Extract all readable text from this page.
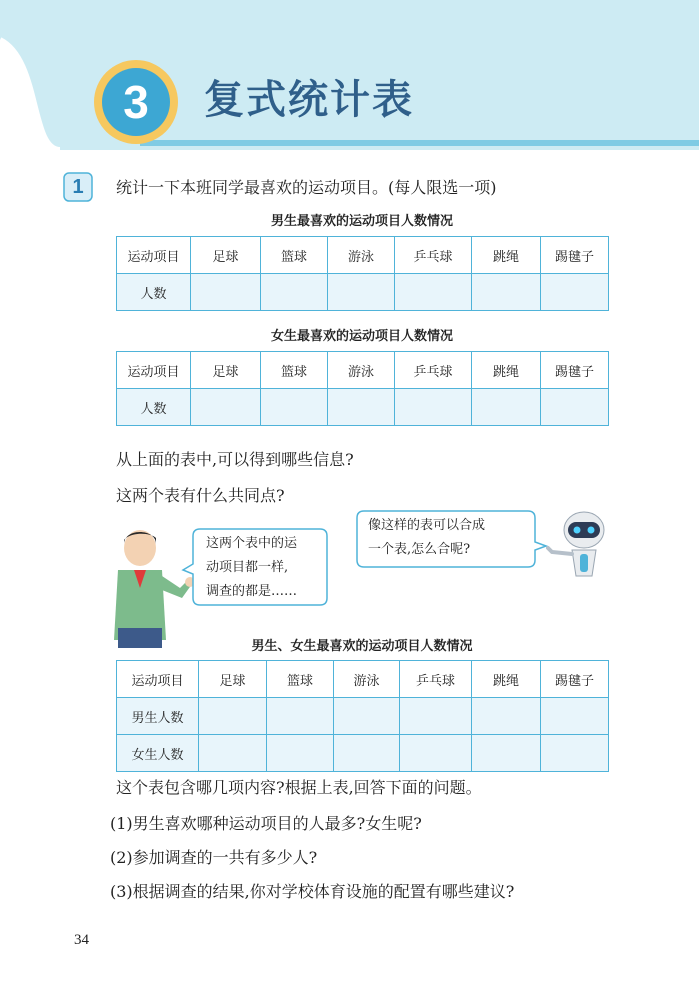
3	复式统计表
1	统计一下本班同学最喜欢的运动项目。(每人限选一项)
男生最喜欢的运动项目人数情况
运动项目	足球	篮球	游泳	乒乓球	跳绳	踢毽子
人数						
女生最喜欢的运动项目人数情况
运动项目	足球	篮球	游泳	乒乓球	跳绳	踢毽子
人数						
从上面的表中,可以得到哪些信息?
这两个表有什么共同点?
这两个表中的运
动项目都一样,
调查的都是……
像这样的表可以合成
一个表,怎么合呢?
男生、女生最喜欢的运动项目人数情况
运动项目	足球	篮球	游泳	乒乓球	跳绳	踢毽子
男生人数						
女生人数						
这个表包含哪几项内容?根据上表,回答下面的问题。
(1)男生喜欢哪种运动项目的人最多?女生呢?
(2)参加调查的一共有多少人?
(3)根据调查的结果,你对学校体育设施的配置有哪些建议?
34
